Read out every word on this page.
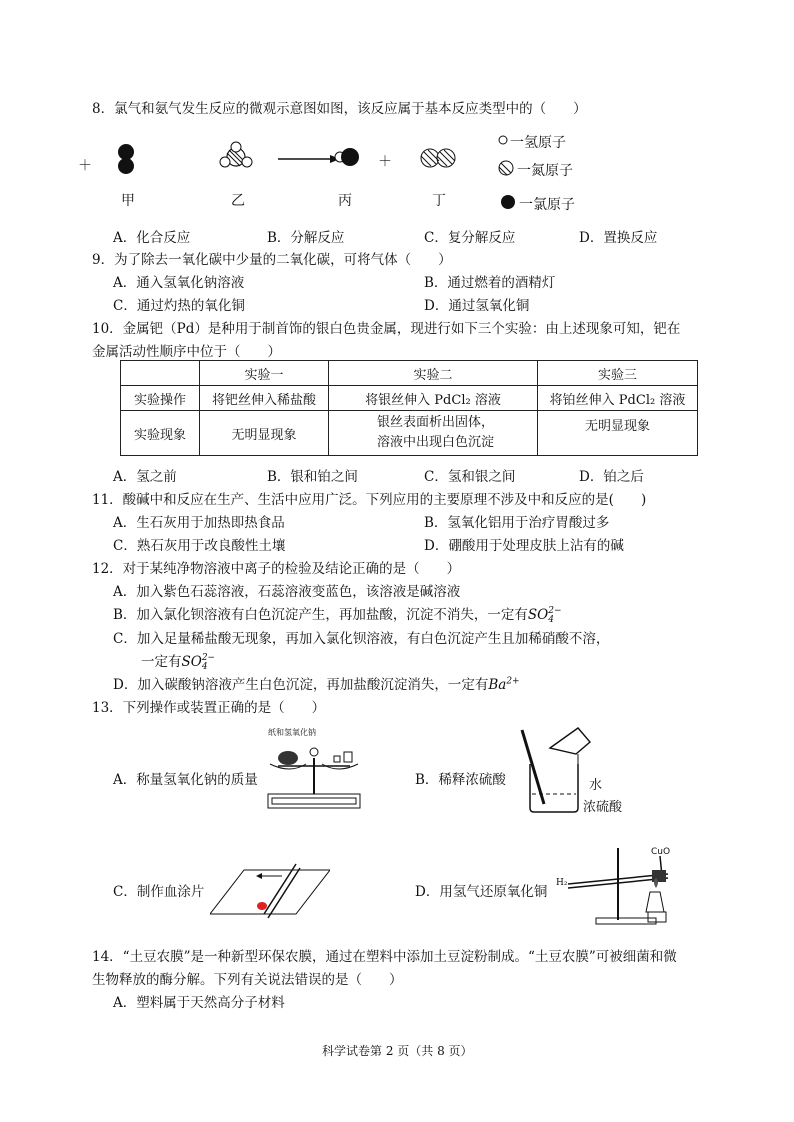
8．氯气和氨气发生反应的微观示意图如图，该反应属于基本反应类型中的（　　）
＋	＋
甲	乙	丙	丁
一氢原子
一氮原子
一氯原子
A．化合反应	B．分解反应	C．复分解反应	D．置换反应
9．为了除去一氧化碳中少量的二氧化碳，可将气体（　　）
A．通入氢氧化钠溶液	B．通过燃着的酒精灯
C．通过灼热的氧化铜	D．通过氢氧化铜
10．金属钯（Pd）是种用于制首饰的银白色贵金属，现进行如下三个实验：由上述现象可知，钯在
金属活动性顺序中位于（　　）
	实验一	实验二	实验三
实验操作	将钯丝伸入稀盐酸	将银丝伸入 PdCl₂ 溶液	将铂丝伸入 PdCl₂ 溶液
实验现象	无明显现象	银丝表面析出固体，
溶液中出现白色沉淀	无明显现象
A．氢之前	B．银和铂之间	C．氢和银之间	D．铂之后
11．酸碱中和反应在生产、生活中应用广泛。下列应用的主要原理不涉及中和反应的是(　　)
A．生石灰用于加热即热食品	B．氢氧化铝用于治疗胃酸过多
C．熟石灰用于改良酸性土壤	D．硼酸用于处理皮肤上沾有的碱
12．对于某纯净物溶液中离子的检验及结论正确的是（　　）
A．加入紫色石蕊溶液，石蕊溶液变蓝色，该溶液是碱溶液
B．加入氯化钡溶液有白色沉淀产生，再加盐酸，沉淀不消失，一定有SO 2−
4
C．加入足量稀盐酸无现象，再加入氯化钡溶液，有白色沉淀产生且加稀硝酸不溶，
一定有SO 2−
4
D．加入碳酸钠溶液产生白色沉淀，再加盐酸沉淀消失，一定有$Ba^{2+}$
13．下列操作或装置正确的是（　　）
A．称量氢氧化钠的质量
纸和氢氧化钠
B．稀释浓硫酸	水
浓硫酸
C．制作血涂片	D．用氢气还原氧化铜
H₂
CuO
14．“土豆农膜”是一种新型环保农膜，通过在塑料中添加土豆淀粉制成。“土豆农膜”可被细菌和微
生物释放的酶分解。下列有关说法错误的是（　　）
A．塑料属于天然高分子材料
科学试卷第 2 页（共 8 页）
